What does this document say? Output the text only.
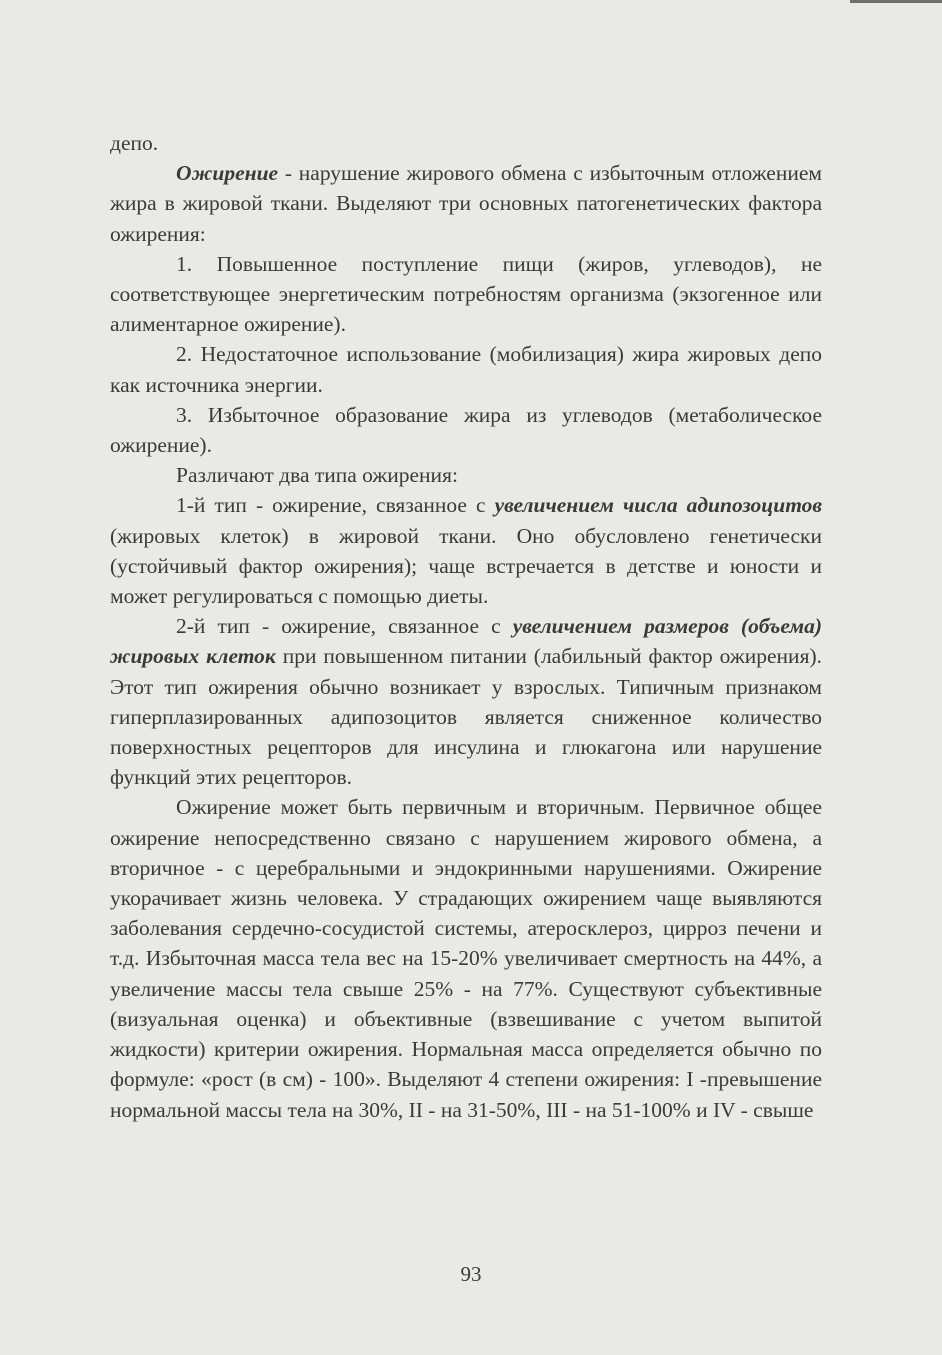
депо.

Ожирение - нарушение жирового обмена с избыточным отложением жира в жировой ткани. Выделяют три основных патогенетических фактора ожирения:

1. Повышенное поступление пищи (жиров, углеводов), не соответствующее энергетическим потребностям организма (экзогенное или алиментарное ожирение).

2. Недостаточное использование (мобилизация) жира жировых депо как источника энергии.

3. Избыточное образование жира из углеводов (метаболическое ожирение).

Различают два типа ожирения:

1-й тип - ожирение, связанное с увеличением числа адипозоцитов (жировых клеток) в жировой ткани. Оно обусловлено генетически (устойчивый фактор ожирения); чаще встречается в детстве и юности и может регулироваться с помощью диеты.

2-й тип - ожирение, связанное с увеличением размеров (объема) жировых клеток при повышенном питании (лабильный фактор ожирения). Этот тип ожирения обычно возникает у взрослых. Типичным признаком гиперплазированных адипозоцитов является сниженное количество поверхностных рецепторов для инсулина и глюкагона или нарушение функций этих рецепторов.

Ожирение может быть первичным и вторичным. Первичное общее ожирение непосредственно связано с нарушением жирового обмена, а вторичное - с церебральными и эндокринными нарушениями. Ожирение укорачивает жизнь человека. У страдающих ожирением чаще выявляются заболевания сердечно-сосудистой системы, атеросклероз, цирроз печени и т.д. Избыточная масса тела вес на 15-20% увеличивает смертность на 44%, а увеличение массы тела свыше 25% - на 77%. Существуют субъективные (визуальная оценка) и объективные (взвешивание с учетом выпитой жидкости) критерии ожирения. Нормальная масса определяется обычно по формуле: «рост (в см) - 100». Выделяют 4 степени ожирения: I -превышение нормальной массы тела на 30%, II - на 31-50%, III - на 51-100% и IV - свыше

93
